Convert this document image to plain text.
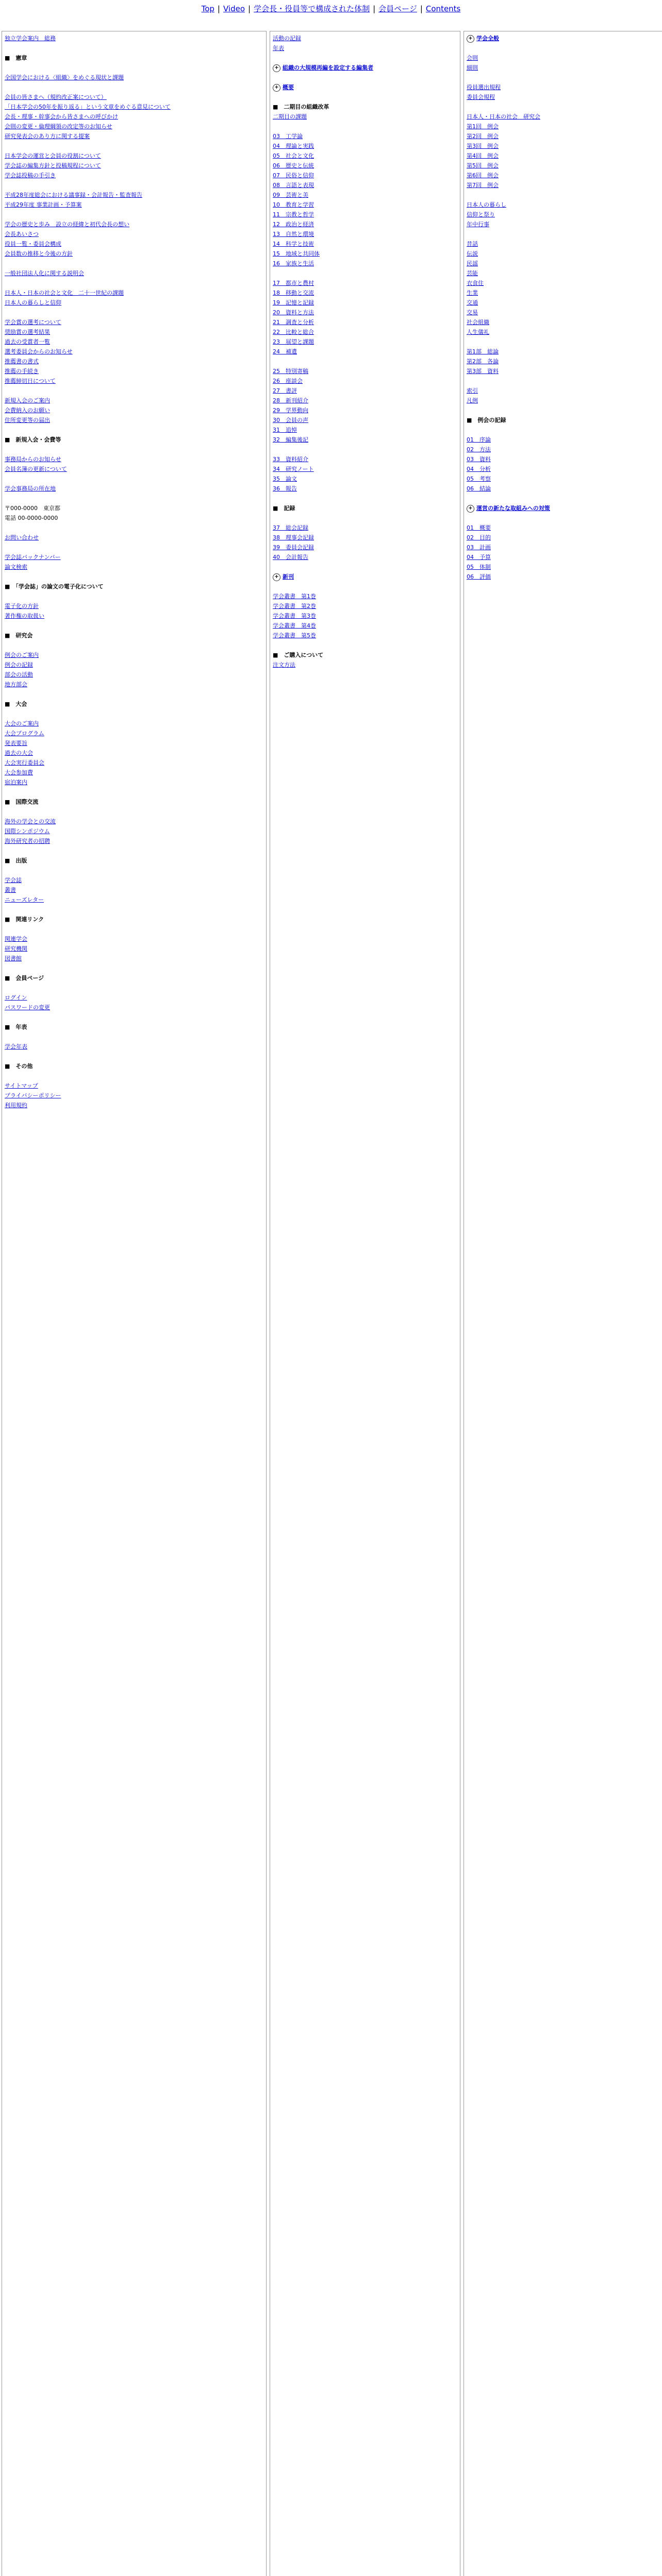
Top | Video | 学会長・役員等で構成された体制 | 会員ページ | Contents
独立学会案内　総務
■　憲章
全国学会における〈組織〉をめぐる現状と課題
会員の皆さまへ（規約改正案について）
「日本学会の50年を振り返る」という文章をめぐる意見について
会長・理事・幹事会から皆さまへの呼びかけ
会則の変更・倫理綱領の改定等のお知らせ
研究発表会のあり方に関する提案
日本学会の運営と会員の役割について
学会誌の編集方針と投稿規程について
学会誌投稿の手引き
平成28年度総会における議事録・会計報告・監査報告
平成29年度 事業計画・予算案
学会の歴史と歩み　設立の経緯と初代会長の想い
会長あいさつ
役員一覧・委員会構成
会員数の推移と今後の方針
一般社団法人化に関する説明会
日本人・日本の社会と文化　二十一世紀の課題
日本人の暮らしと信仰
学会賞の選考について
奨励賞の選考結果
過去の受賞者一覧
選考委員会からのお知らせ
推薦書の書式
推薦の手続き
推薦締切日について
新規入会のご案内
会費納入のお願い
住所変更等の届出
■　新規入会・会費等
事務局からのお知らせ
会員名簿の更新について
学会事務局の所在地
〒000-0000　東京都
電話 00-0000-0000
お問い合わせ
学会誌バックナンバー
論文検索
■　「学会誌」の論文の電子化について
電子化の方針
著作権の取扱い
■　研究会
例会のご案内
例会の記録
部会の活動
地方部会
■　大会
大会のご案内
大会プログラム
発表要旨
過去の大会
大会実行委員会
大会参加費
宿泊案内
■　国際交流
海外の学会との交流
国際シンポジウム
海外研究者の招聘
■　出版
学会誌
叢書
ニューズレター
■　関連リンク
関連学会
研究機関
図書館
■　会員ページ
ログイン
パスワードの変更
■　年表
学会年表
■　その他
サイトマップ
プライバシーポリシー
利用規約
活動の記録
年表
+ 組織の大規模再編を設定する編集者
+ 概要
■　二期目の組織改革
二期目の課題
03　工学論
04　理論と実践
05　社会と文化
06　歴史と伝統
07　民俗と信仰
08　言語と表現
09　芸術と美
10　教育と学習
11　宗教と哲学
12　政治と経済
13　自然と環境
14　科学と技術
15　地域と共同体
16　家族と生活
17　都市と農村
18　移動と交流
19　記憶と記録
20　資料と方法
21　調査と分析
22　比較と総合
23　展望と課題
24　補遺
25　特別寄稿
26　座談会
27　書評
28　新刊紹介
29　学界動向
30　会員の声
31　追悼
32　編集後記
33　資料紹介
34　研究ノート
35　論文
36　報告
■　記録
37　総会記録
38　理事会記録
39　委員会記録
40　会計報告
+ 新刊
学会叢書　第1巻
学会叢書　第2巻
学会叢書　第3巻
学会叢書　第4巻
学会叢書　第5巻
■　ご購入について
注文方法
+ 学会全般
会則
細則
役員選出規程
委員会規程
日本人・日本の社会　研究会
第1回　例会
第2回　例会
第3回　例会
第4回　例会
第5回　例会
第6回　例会
第7回　例会
日本人の暮らし
信仰と祭り
年中行事
昔話
伝説
民謡
芸能
衣食住
生業
交通
交易
社会組織
人生儀礼
第1部　総論
第2部　各論
第3部　資料
索引
凡例
■　例会の記録
01　序論
02　方法
03　資料
04　分析
05　考察
06　結論
+ 運営の新たな取組みへの対策
01　概要
02　目的
03　計画
04　予算
05　体制
06　評価
